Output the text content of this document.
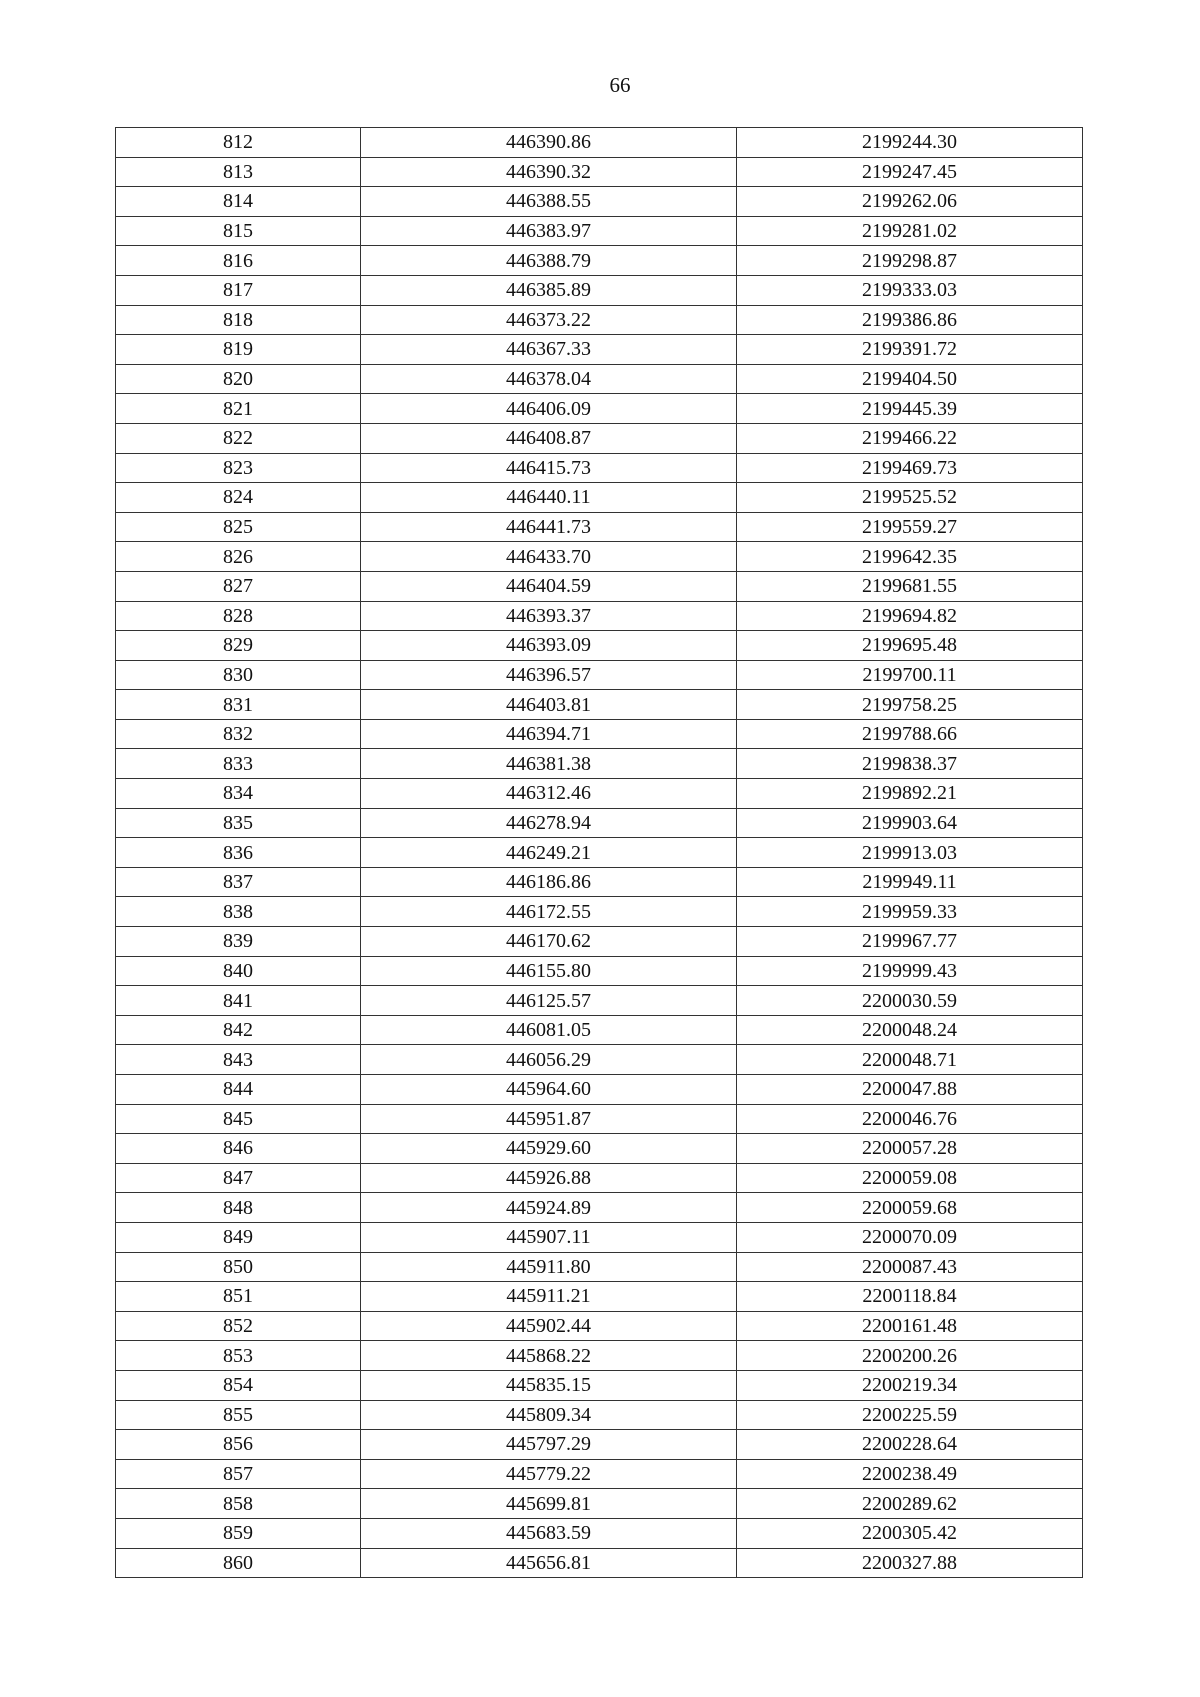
66
812	446390.86	2199244.30
813	446390.32	2199247.45
814	446388.55	2199262.06
815	446383.97	2199281.02
816	446388.79	2199298.87
817	446385.89	2199333.03
818	446373.22	2199386.86
819	446367.33	2199391.72
820	446378.04	2199404.50
821	446406.09	2199445.39
822	446408.87	2199466.22
823	446415.73	2199469.73
824	446440.11	2199525.52
825	446441.73	2199559.27
826	446433.70	2199642.35
827	446404.59	2199681.55
828	446393.37	2199694.82
829	446393.09	2199695.48
830	446396.57	2199700.11
831	446403.81	2199758.25
832	446394.71	2199788.66
833	446381.38	2199838.37
834	446312.46	2199892.21
835	446278.94	2199903.64
836	446249.21	2199913.03
837	446186.86	2199949.11
838	446172.55	2199959.33
839	446170.62	2199967.77
840	446155.80	2199999.43
841	446125.57	2200030.59
842	446081.05	2200048.24
843	446056.29	2200048.71
844	445964.60	2200047.88
845	445951.87	2200046.76
846	445929.60	2200057.28
847	445926.88	2200059.08
848	445924.89	2200059.68
849	445907.11	2200070.09
850	445911.80	2200087.43
851	445911.21	2200118.84
852	445902.44	2200161.48
853	445868.22	2200200.26
854	445835.15	2200219.34
855	445809.34	2200225.59
856	445797.29	2200228.64
857	445779.22	2200238.49
858	445699.81	2200289.62
859	445683.59	2200305.42
860	445656.81	2200327.88
